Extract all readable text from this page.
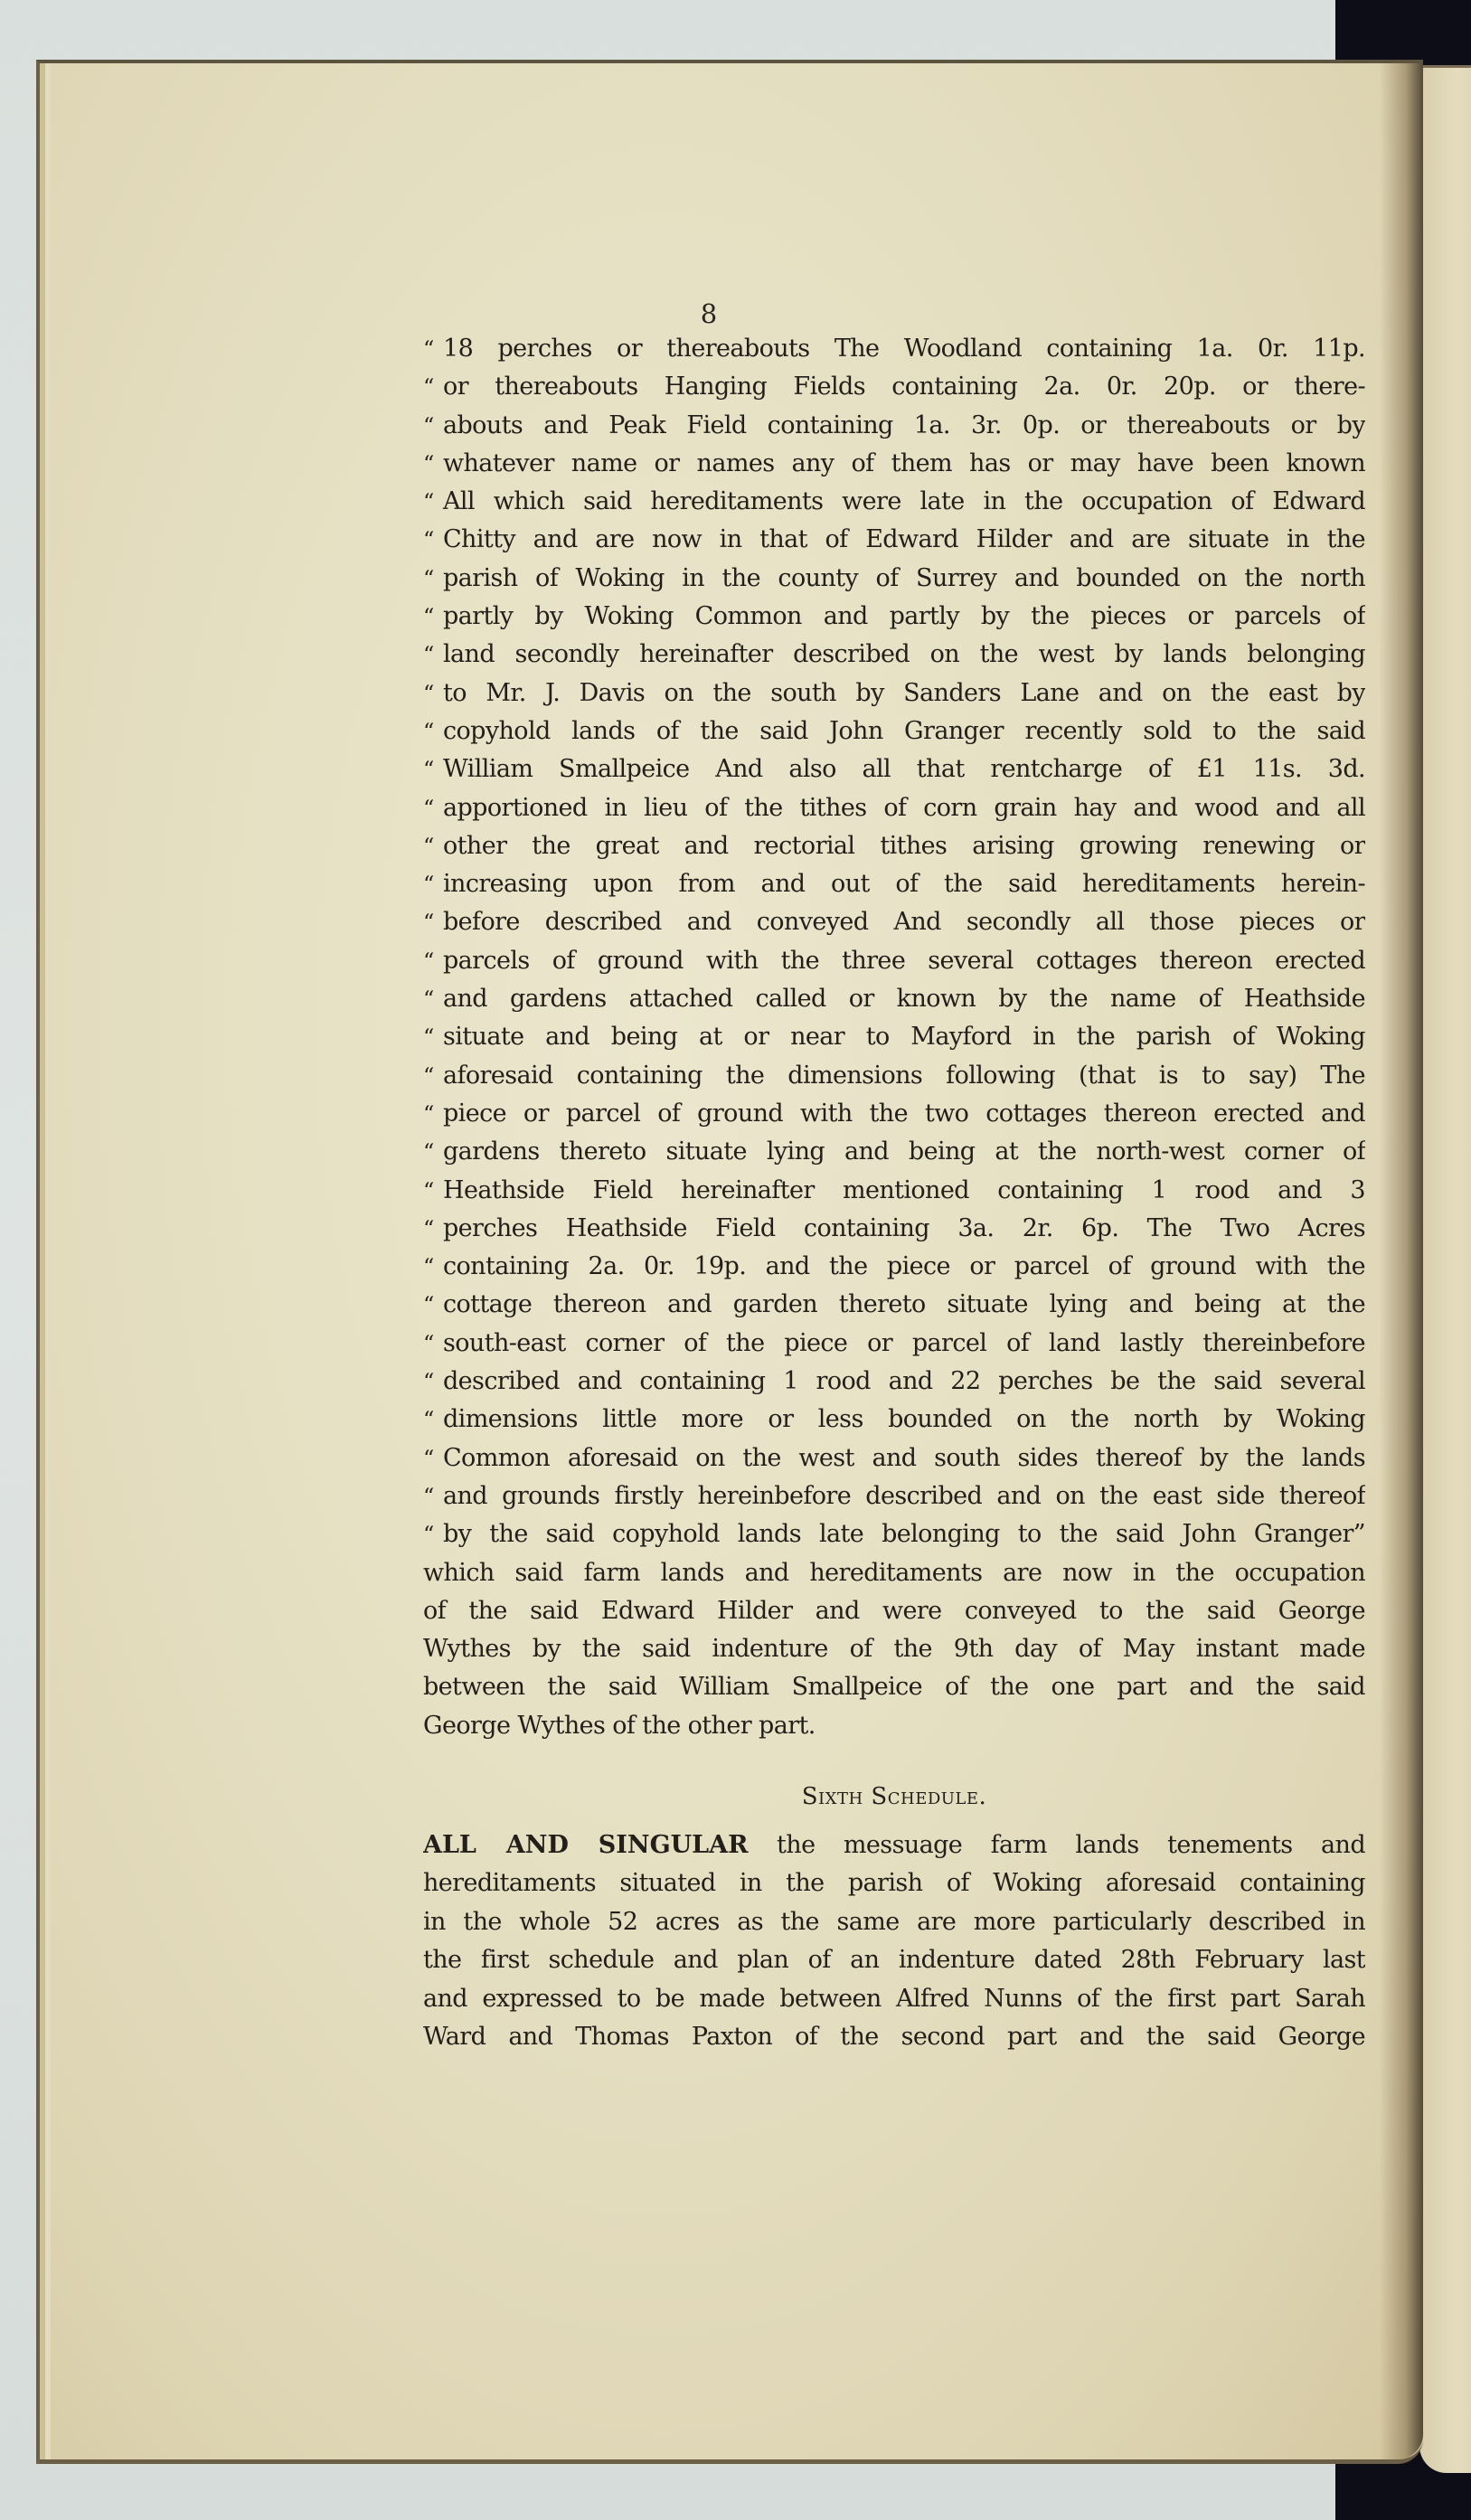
8
“ 18 perches or thereabouts The Woodland containing 1a. 0r. 11p.
“ or thereabouts Hanging Fields containing 2a. 0r. 20p. or there-
“ abouts and Peak Field containing 1a. 3r. 0p. or thereabouts or by
“ whatever name or names any of them has or may have been known
“ All which said hereditaments were late in the occupation of Edward
“ Chitty and are now in that of Edward Hilder and are situate in the
“ parish of Woking in the county of Surrey and bounded on the north
“ partly by Woking Common and partly by the pieces or parcels of
“ land secondly hereinafter described on the west by lands belonging
“ to Mr. J. Davis on the south by Sanders Lane and on the east by
“ copyhold lands of the said John Granger recently sold to the said
“ William Smallpeice And also all that rentcharge of £1 11s. 3d.
“ apportioned in lieu of the tithes of corn grain hay and wood and all
“ other the great and rectorial tithes arising growing renewing or
“ increasing upon from and out of the said hereditaments herein-
“ before described and conveyed And secondly all those pieces or
“ parcels of ground with the three several cottages thereon erected
“ and gardens attached called or known by the name of Heathside
“ situate and being at or near to Mayford in the parish of Woking
“ aforesaid containing the dimensions following (that is to say) The
“ piece or parcel of ground with the two cottages thereon erected and
“ gardens thereto situate lying and being at the north-west corner of
“ Heathside Field hereinafter mentioned containing 1 rood and 3
“ perches Heathside Field containing 3a. 2r. 6p. The Two Acres
“ containing 2a. 0r. 19p. and the piece or parcel of ground with the
“ cottage thereon and garden thereto situate lying and being at the
“ south-east corner of the piece or parcel of land lastly thereinbefore
“ described and containing 1 rood and 22 perches be the said several
“ dimensions little more or less bounded on the north by Woking
“ Common aforesaid on the west and south sides thereof by the lands
“ and grounds firstly hereinbefore described and on the east side thereof
“ by the said copyhold lands late belonging to the said John Granger”
which said farm lands and hereditaments are now in the occupation
of the said Edward Hilder and were conveyed to the said George
Wythes by the said indenture of the 9th day of May instant made
between the said William Smallpeice of the one part and the said
George Wythes of the other part.
Sixth Schedule.
ALL AND SINGULAR the messuage farm lands tenements and
hereditaments situated in the parish of Woking aforesaid containing
in the whole 52 acres as the same are more particularly described in
the first schedule and plan of an indenture dated 28th February last
and expressed to be made between Alfred Nunns of the first part Sarah
Ward and Thomas Paxton of the second part and the said George
